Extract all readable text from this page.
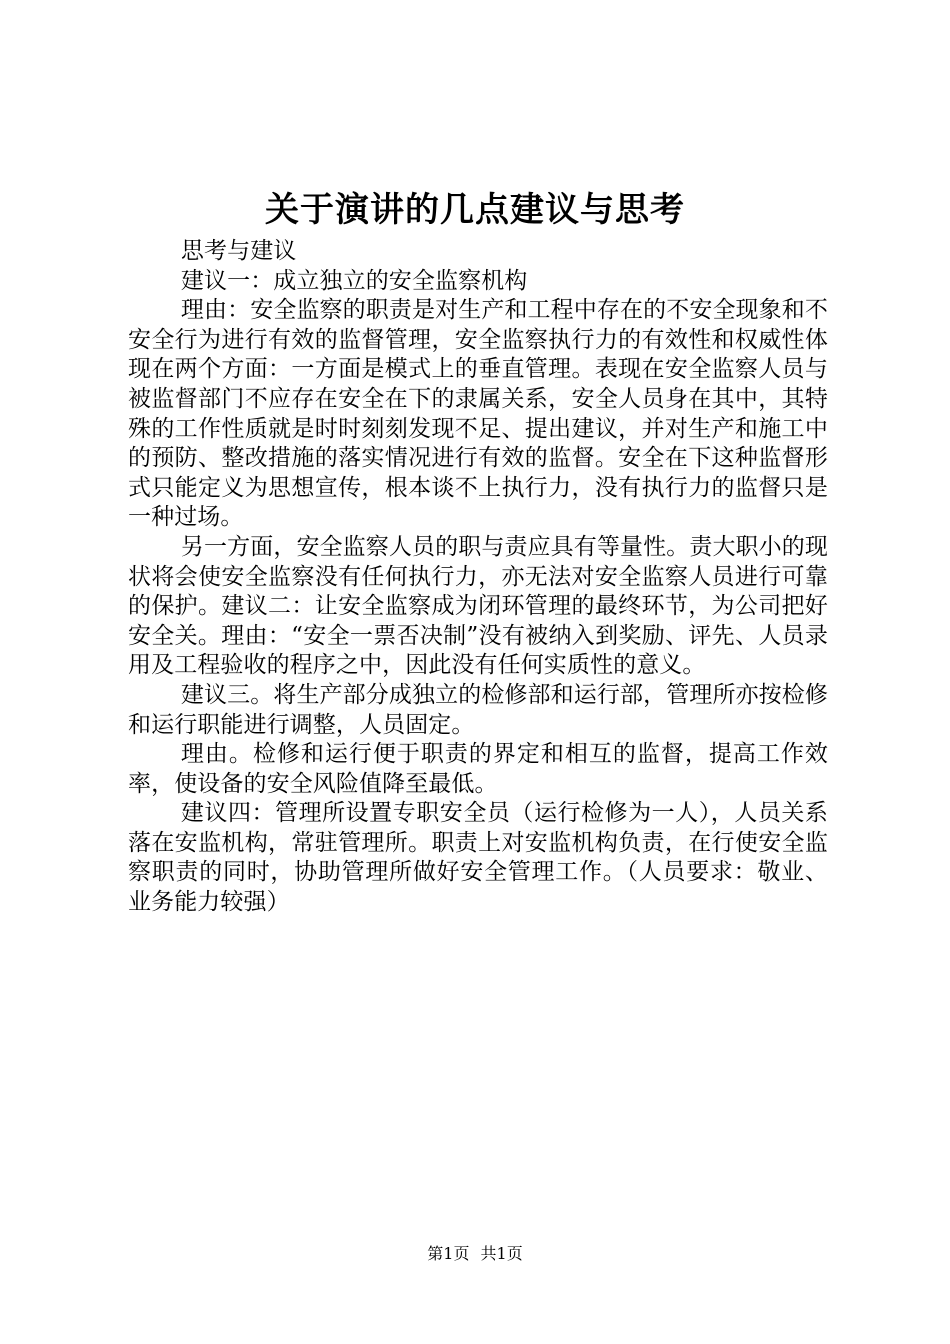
关于演讲的几点建议与思考

思考与建议

建议一：成立独立的安全监察机构

理由：安全监察的职责是对生产和工程中存在的不安全现象和不安全行为进行有效的监督管理，安全监察执行力的有效性和权威性体现在两个方面：一方面是模式上的垂直管理。表现在安全监察人员与被监督部门不应存在安全在下的隶属关系，安全人员身在其中，其特殊的工作性质就是时时刻刻发现不足、提出建议，并对生产和施工中的预防、整改措施的落实情况进行有效的监督。安全在下这种监督形式只能定义为思想宣传，根本谈不上执行力，没有执行力的监督只是一种过场。

另一方面，安全监察人员的职与责应具有等量性。责大职小的现状将会使安全监察没有任何执行力，亦无法对安全监察人员进行可靠的保护。建议二：让安全监察成为闭环管理的最终环节，为公司把好安全关。理由：“安全一票否决制”没有被纳入到奖励、评先、人员录用及工程验收的程序之中，因此没有任何实质性的意义。

建议三。将生产部分成独立的检修部和运行部，管理所亦按检修和运行职能进行调整，人员固定。

理由。检修和运行便于职责的界定和相互的监督，提高工作效率，使设备的安全风险值降至最低。

建议四：管理所设置专职安全员（运行检修为一人），人员关系落在安监机构，常驻管理所。职责上对安监机构负责，在行使安全监察职责的同时，协助管理所做好安全管理工作。（人员要求：敬业、业务能力较强）

第1页 共1页
